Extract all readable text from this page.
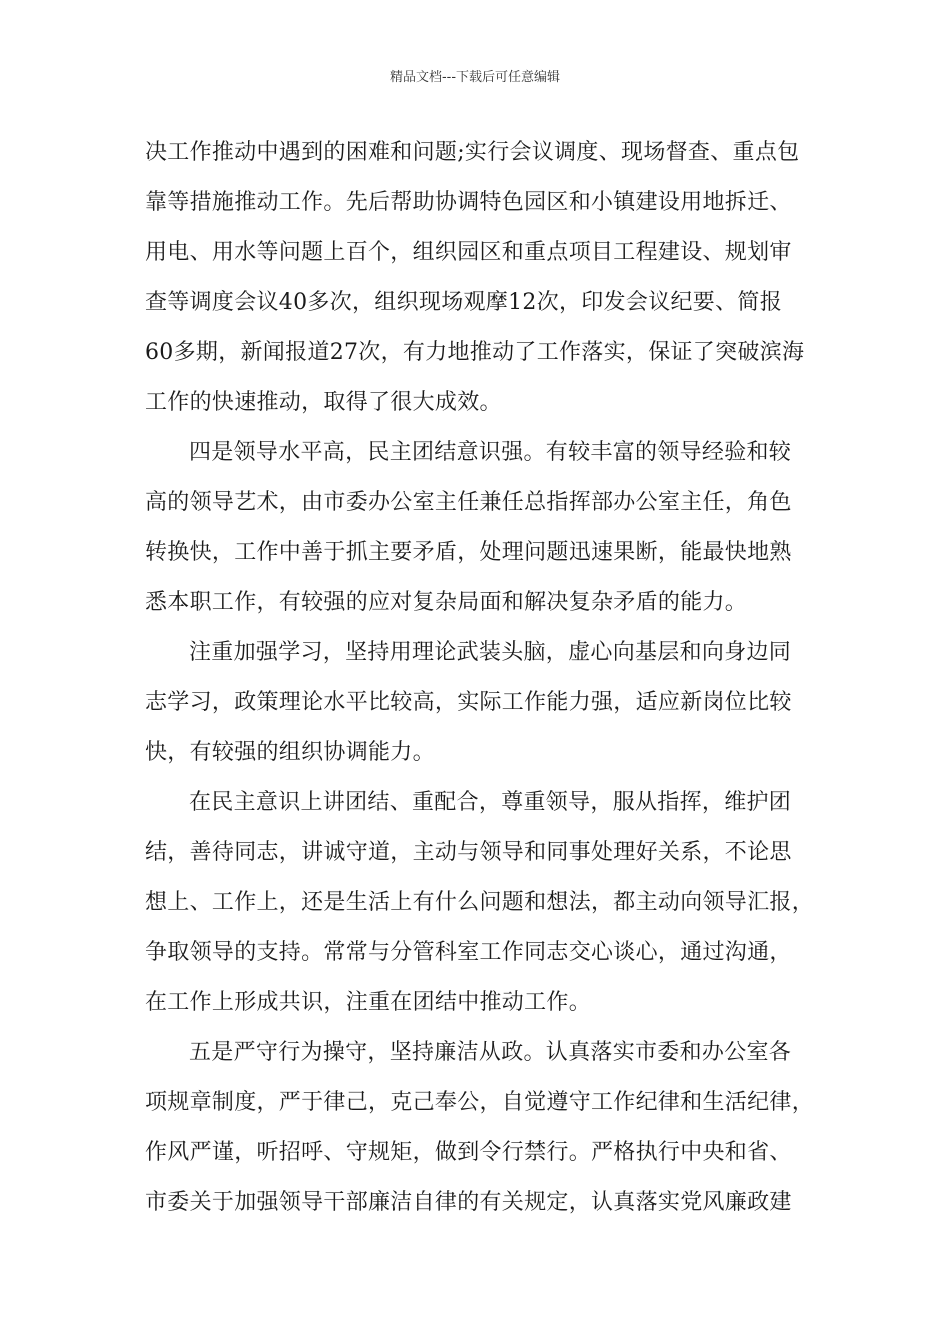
精品文档---下载后可任意编辑
决工作推动中遇到的困难和问题;实行会议调度、现场督查、重点包
靠等措施推动工作。先后帮助协调特色园区和小镇建设用地拆迁、
用电、用水等问题上百个，组织园区和重点项目工程建设、规划审
查等调度会议40多次，组织现场观摩12次，印发会议纪要、简报
60多期，新闻报道27次，有力地推动了工作落实，保证了突破滨海
工作的快速推动，取得了很大成效。
四是领导水平高，民主团结意识强。有较丰富的领导经验和较
高的领导艺术，由市委办公室主任兼任总指挥部办公室主任，角色
转换快，工作中善于抓主要矛盾，处理问题迅速果断，能最快地熟
悉本职工作，有较强的应对复杂局面和解决复杂矛盾的能力。
注重加强学习，坚持用理论武装头脑，虚心向基层和向身边同
志学习，政策理论水平比较高，实际工作能力强，适应新岗位比较
快，有较强的组织协调能力。
在民主意识上讲团结、重配合，尊重领导，服从指挥，维护团
结，善待同志，讲诚守道，主动与领导和同事处理好关系，不论思
想上、工作上，还是生活上有什么问题和想法，都主动向领导汇报，
争取领导的支持。常常与分管科室工作同志交心谈心，通过沟通，
在工作上形成共识，注重在团结中推动工作。
五是严守行为操守，坚持廉洁从政。认真落实市委和办公室各
项规章制度，严于律己，克己奉公，自觉遵守工作纪律和生活纪律，
作风严谨，听招呼、守规矩，做到令行禁行。严格执行中央和省、
市委关于加强领导干部廉洁自律的有关规定，认真落实党风廉政建
